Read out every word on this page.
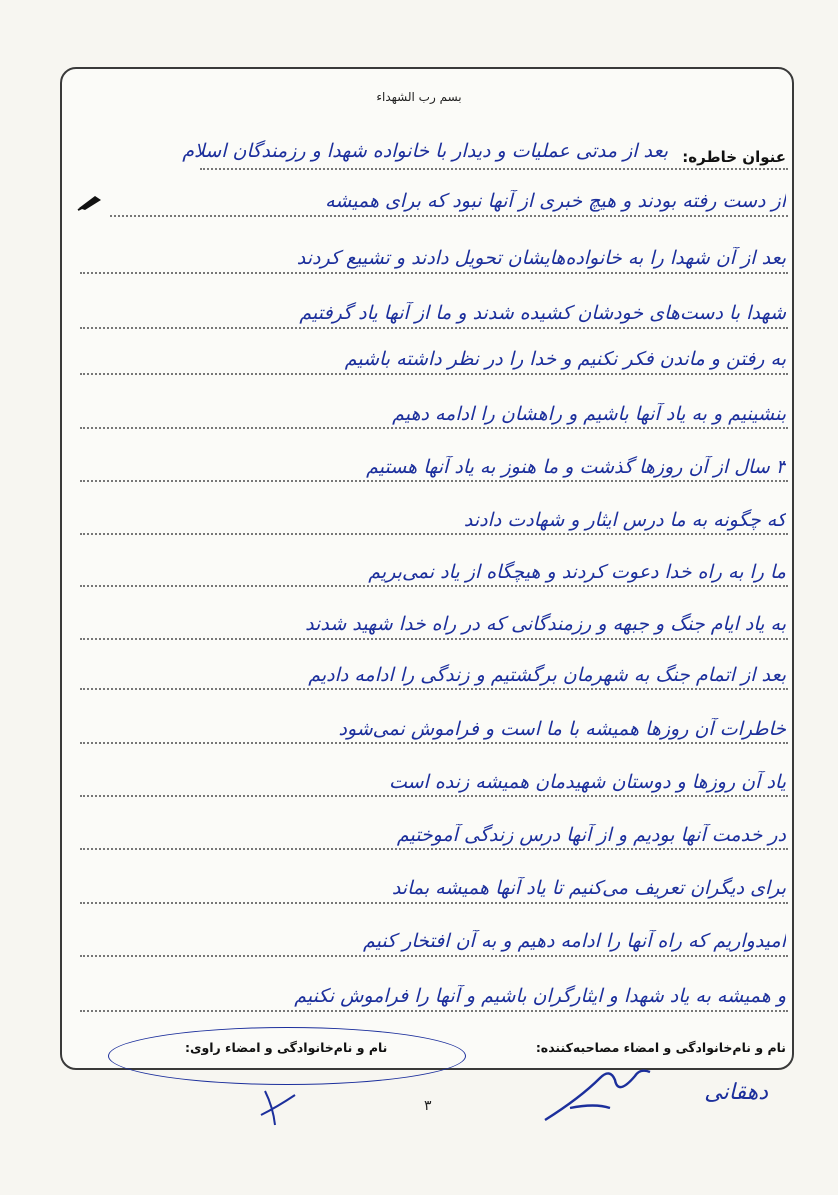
بسم رب الشهداء
عنوان خاطره:
بعد از مدتی عملیات و دیدار با خانواده شهدا و رزمندگان اسلام
از دست رفته بودند و هیچ خبری از آنها نبود که برای همیشه
بعد از آن شهدا را به خانواده‌هایشان تحویل دادند و تشییع کردند
شهدا با دست‌های خودشان کشیده شدند و ما از آنها یاد گرفتیم
به رفتن و ماندن فکر نکنیم و خدا را در نظر داشته باشیم
بنشینیم و به یاد آنها باشیم و راهشان را ادامه دهیم
۳ سال از آن روزها گذشت و ما هنوز به یاد آنها هستیم
که چگونه به ما درس ایثار و شهادت دادند
ما را به راه خدا دعوت کردند و هیچگاه از یاد نمی‌بریم
به یاد ایام جنگ و جبهه و رزمندگانی که در راه خدا شهید شدند
بعد از اتمام جنگ به شهرمان برگشتیم و زندگی را ادامه دادیم
خاطرات آن روزها همیشه با ما است و فراموش نمی‌شود
یاد آن روزها و دوستان شهیدمان همیشه زنده است
در خدمت آنها بودیم و از آنها درس زندگی آموختیم
برای دیگران تعریف می‌کنیم تا یاد آنها همیشه بماند
امیدواریم که راه آنها را ادامه دهیم و به آن افتخار کنیم
و همیشه به یاد شهدا و ایثارگران باشیم و آنها را فراموش نکنیم
نام و نام‌خانوادگی و امضاء مصاحبه‌کننده:
نام و نام‌خانوادگی و امضاء راوی:
دهقانی
۳
